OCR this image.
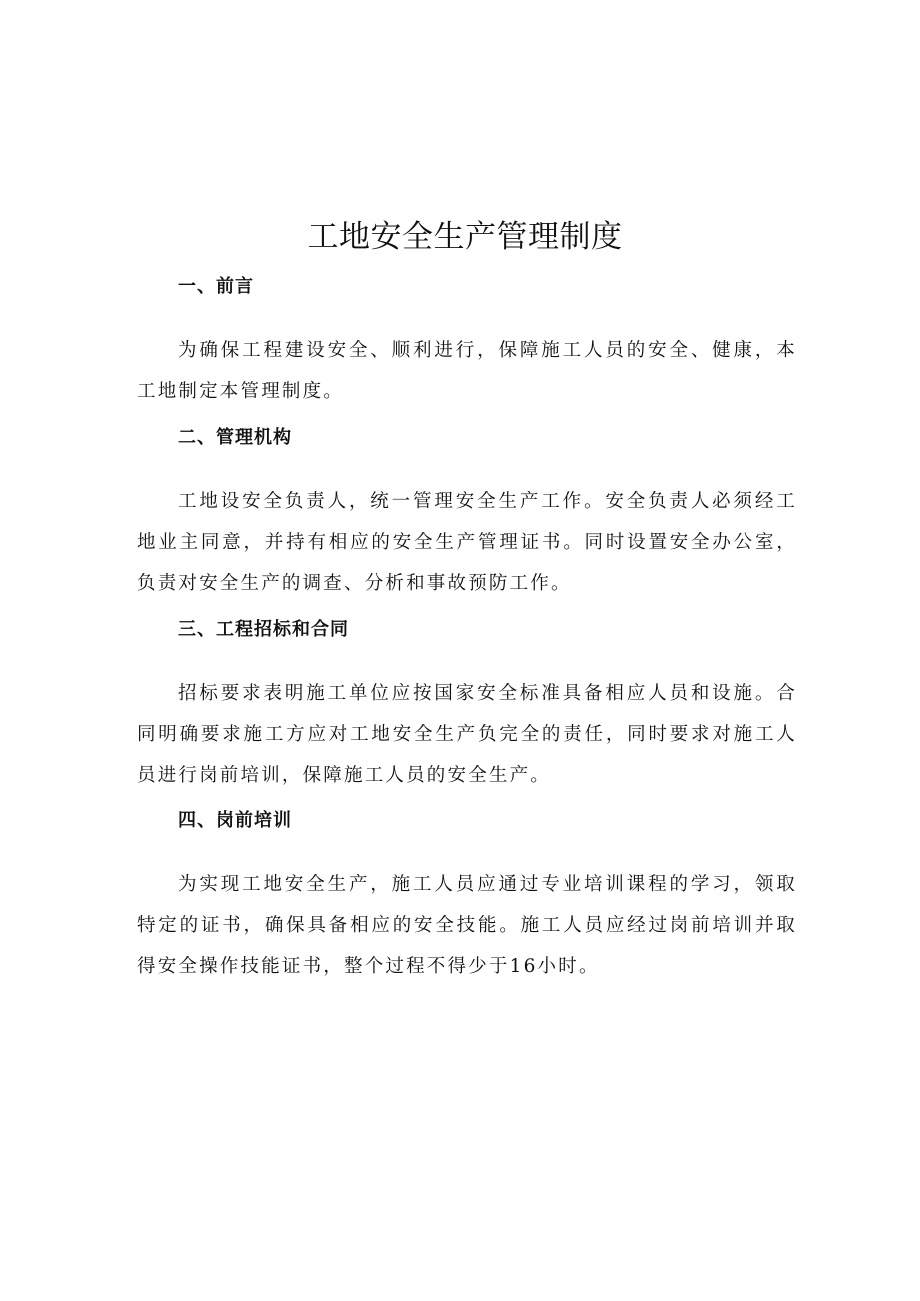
工地安全生产管理制度

一、前言

为确保工程建设安全、顺利进行，保障施工人员的安全、健康，本工地制定本管理制度。

二、管理机构

工地设安全负责人，统一管理安全生产工作。安全负责人必须经工地业主同意，并持有相应的安全生产管理证书。同时设置安全办公室，负责对安全生产的调查、分析和事故预防工作。

三、工程招标和合同

招标要求表明施工单位应按国家安全标准具备相应人员和设施。合同明确要求施工方应对工地安全生产负完全的责任，同时要求对施工人员进行岗前培训，保障施工人员的安全生产。

四、岗前培训

为实现工地安全生产，施工人员应通过专业培训课程的学习，领取特定的证书，确保具备相应的安全技能。施工人员应经过岗前培训并取得安全操作技能证书，整个过程不得少于16小时。
